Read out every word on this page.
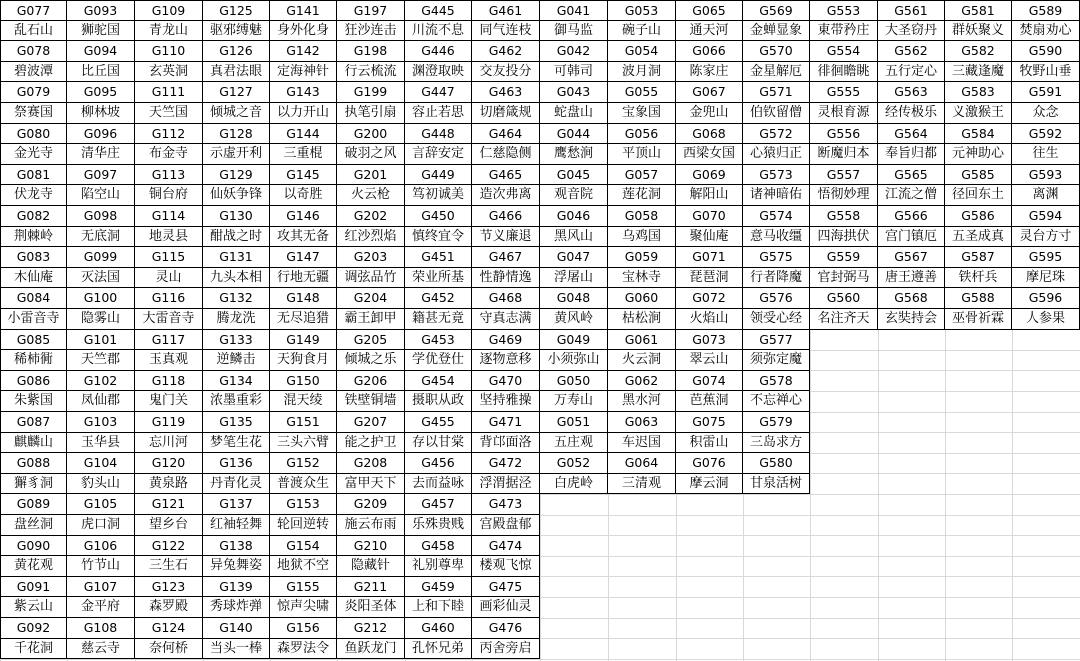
G077
乱石山
G093
狮驼国
G109
青龙山
G125
驱邪缚魅
G141
身外化身
G197
狂沙连击
G445
川流不息
G461
同气连枝
G078
碧波潭
G094
比丘国
G110
玄英洞
G126
真君法眼
G142
定海神针
G198
行云梳流
G446
渊澄取映
G462
交友投分
G079
祭赛国
G095
柳林坡
G111
天竺国
G127
倾城之音
G143
以力开山
G199
执笔引扇
G447
容止若思
G463
切磨箴规
G080
金光寺
G096
清华庄
G112
布金寺
G128
示虚开利
G144
三重棍
G200
破羽之风
G448
言辞安定
G464
仁慈隐侧
G081
伏龙寺
G097
陷空山
G113
铜台府
G129
仙妖争锋
G145
以奇胜
G201
火云枪
G449
笃初诚美
G465
造次弗离
G082
荆棘岭
G098
无底洞
G114
地灵县
G130
酣战之时
G146
攻其无备
G202
红沙烈焰
G450
慎终宜令
G466
节义廉退
G083
木仙庵
G099
灭法国
G115
灵山
G131
九头本相
G147
行地无疆
G203
调弦品竹
G451
荣业所基
G467
性静情逸
G084
小雷音寺
G100
隐雾山
G116
大雷音寺
G132
腾龙洗
G148
无尽追猎
G204
霸王卸甲
G452
籍甚无竟
G468
守真志满
G085
稀柿衕
G101
天竺郡
G117
玉真观
G133
逆鳞击
G149
天狗食月
G205
倾城之乐
G453
学优登仕
G469
逐物意移
G086
朱紫国
G102
凤仙郡
G118
鬼门关
G134
浓墨重彩
G150
混天绫
G206
铁壁铜墙
G454
摄职从政
G470
坚持雅操
G087
麒麟山
G103
玉华县
G119
忘川河
G135
梦笔生花
G151
三头六臂
G207
能之护卫
G455
存以甘棠
G471
背邙面洛
G088
獬豸洞
G104
豹头山
G120
黄泉路
G136
丹青化灵
G152
普渡众生
G208
富甲天下
G456
去而益咏
G472
浮渭据泾
G089
盘丝洞
G105
虎口洞
G121
望乡台
G137
红袖轻舞
G153
轮回逆转
G209
施云布雨
G457
乐殊贵贱
G473
宫殿盘郁
G090
黄花观
G106
竹节山
G122
三生石
G138
异兔舞姿
G154
地狱不空
G210
隐藏针
G458
礼别尊卑
G474
楼观飞惊
G091
紫云山
G107
金平府
G123
森罗殿
G139
秀球炸弹
G155
惊声尖啸
G211
炎阳圣体
G459
上和下睦
G475
画彩仙灵
G092
千花洞
G108
慈云寺
G124
奈何桥
G140
当头一棒
G156
森罗法令
G212
鱼跃龙门
G460
孔怀兄弟
G476
丙舍旁启
G041
御马监
G053
碗子山
G065
通天河
G569
金蝉显象
G042
可韩司
G054
波月洞
G066
陈家庄
G570
金星解厄
G043
蛇盘山
G055
宝象国
G067
金兜山
G571
伯钦留僧
G044
鹰愁涧
G056
平顶山
G068
西梁女国
G572
心猿归正
G045
观音院
G057
莲花洞
G069
解阳山
G573
诸神暗佑
G046
黑风山
G058
乌鸡国
G070
聚仙庵
G574
意马收缰
G047
浮屠山
G059
宝林寺
G071
琵琶洞
G575
行者降魔
G048
黄风岭
G060
枯松涧
G072
火焰山
G576
领受心经
G049
小须弥山
G061
火云洞
G073
翠云山
G577
须弥定魔
G050
万寿山
G062
黑水河
G074
芭蕉洞
G578
不忘禅心
G051
五庄观
G063
车迟国
G075
积雷山
G579
三岛求方
G052
白虎岭
G064
三清观
G076
摩云洞
G580
甘泉活树
G553
東带矜庄
G561
大圣窃丹
G581
群妖聚义
G589
焚扇劝心
G554
徘徊瞻眺
G562
五行定心
G582
三藏逢魔
G590
牧野山垂
G555
灵根育源
G563
经传极乐
G583
义激猴王
G591
众念
G556
断魔归本
G564
奉旨归都
G584
元神助心
G592
往生
G557
悟彻妙理
G565
江流之僧
G585
径回东土
G593
离渊
G558
四海拱伏
G566
宫门镇厄
G586
五圣成真
G594
灵台方寸
G559
官封弼马
G567
唐王遵善
G587
铁杆兵
G595
摩尼珠
G560
名注齐天
G568
玄奘持会
G588
巫骨祈霖
G596
人参果
